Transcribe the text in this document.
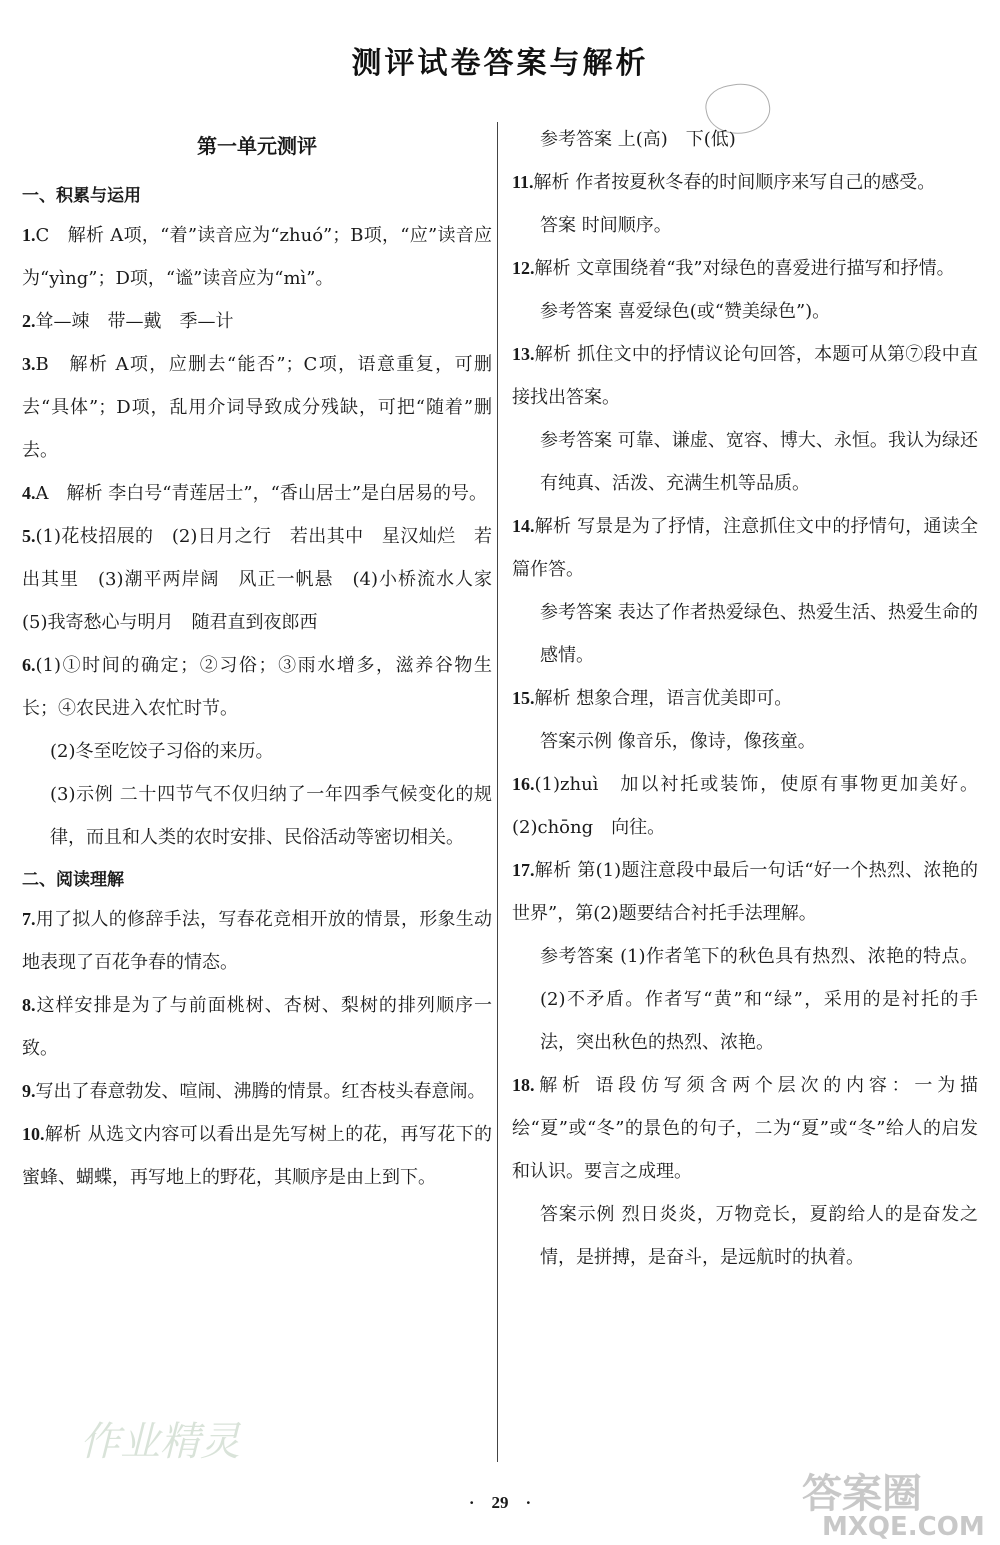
测评试卷答案与解析
第一单元测评
一、积累与运用

1.C　解析 A项，“着”读音应为“zhuó”；B项，“应”读音应为“yìng”；D项，“谧”读音应为“mì”。

2.耸—竦　带—戴　季—计

3.B　解析 A项，应删去“能否”；C项，语意重复，可删去“具体”；D项，乱用介词导致成分残缺，可把“随着”删去。

4.A　解析 李白号“青莲居士”，“香山居士”是白居易的号。

5.(1)花枝招展的　(2)日月之行　若出其中　星汉灿烂　若出其里　(3)潮平两岸阔　风正一帆悬　(4)小桥流水人家　(5)我寄愁心与明月　随君直到夜郎西

6.(1)①时间的确定；②习俗；③雨水增多，滋养谷物生长；④农民进入农忙时节。

(2)冬至吃饺子习俗的来历。

(3)示例 二十四节气不仅归纳了一年四季气候变化的规律，而且和人类的农时安排、民俗活动等密切相关。

二、阅读理解

7.用了拟人的修辞手法，写春花竞相开放的情景，形象生动地表现了百花争春的情态。

8.这样安排是为了与前面桃树、杏树、梨树的排列顺序一致。

9.写出了春意勃发、喧闹、沸腾的情景。红杏枝头春意闹。

10.解析 从选文内容可以看出是先写树上的花，再写花下的蜜蜂、蝴蝶，再写地上的野花，其顺序是由上到下。

参考答案 上(高)　下(低)

11.解析 作者按夏秋冬春的时间顺序来写自己的感受。

答案 时间顺序。

12.解析 文章围绕着“我”对绿色的喜爱进行描写和抒情。

参考答案 喜爱绿色(或“赞美绿色”)。

13.解析 抓住文中的抒情议论句回答，本题可从第⑦段中直接找出答案。

参考答案 可靠、谦虚、宽容、博大、永恒。我认为绿还有纯真、活泼、充满生机等品质。

14.解析 写景是为了抒情，注意抓住文中的抒情句，通读全篇作答。

参考答案 表达了作者热爱绿色、热爱生活、热爱生命的感情。

15.解析 想象合理，语言优美即可。

答案示例 像音乐，像诗，像孩童。

16.(1)zhuì　加以衬托或装饰，使原有事物更加美好。(2)chōng　向往。

17.解析 第(1)题注意段中最后一句话“好一个热烈、浓艳的世界”，第(2)题要结合衬托手法理解。

参考答案 (1)作者笔下的秋色具有热烈、浓艳的特点。(2)不矛盾。作者写“黄”和“绿”，采用的是衬托的手法，突出秋色的热烈、浓艳。

18.解析 语段仿写须含两个层次的内容：一为描绘“夏”或“冬”的景色的句子，二为“夏”或“冬”给人的启发和认识。要言之成理。

答案示例 烈日炎炎，万物竞长，夏韵给人的是奋发之情，是拼搏，是奋斗，是远航时的执着。

·　29　·
作业精灵
答案圈
MXQE.COM
